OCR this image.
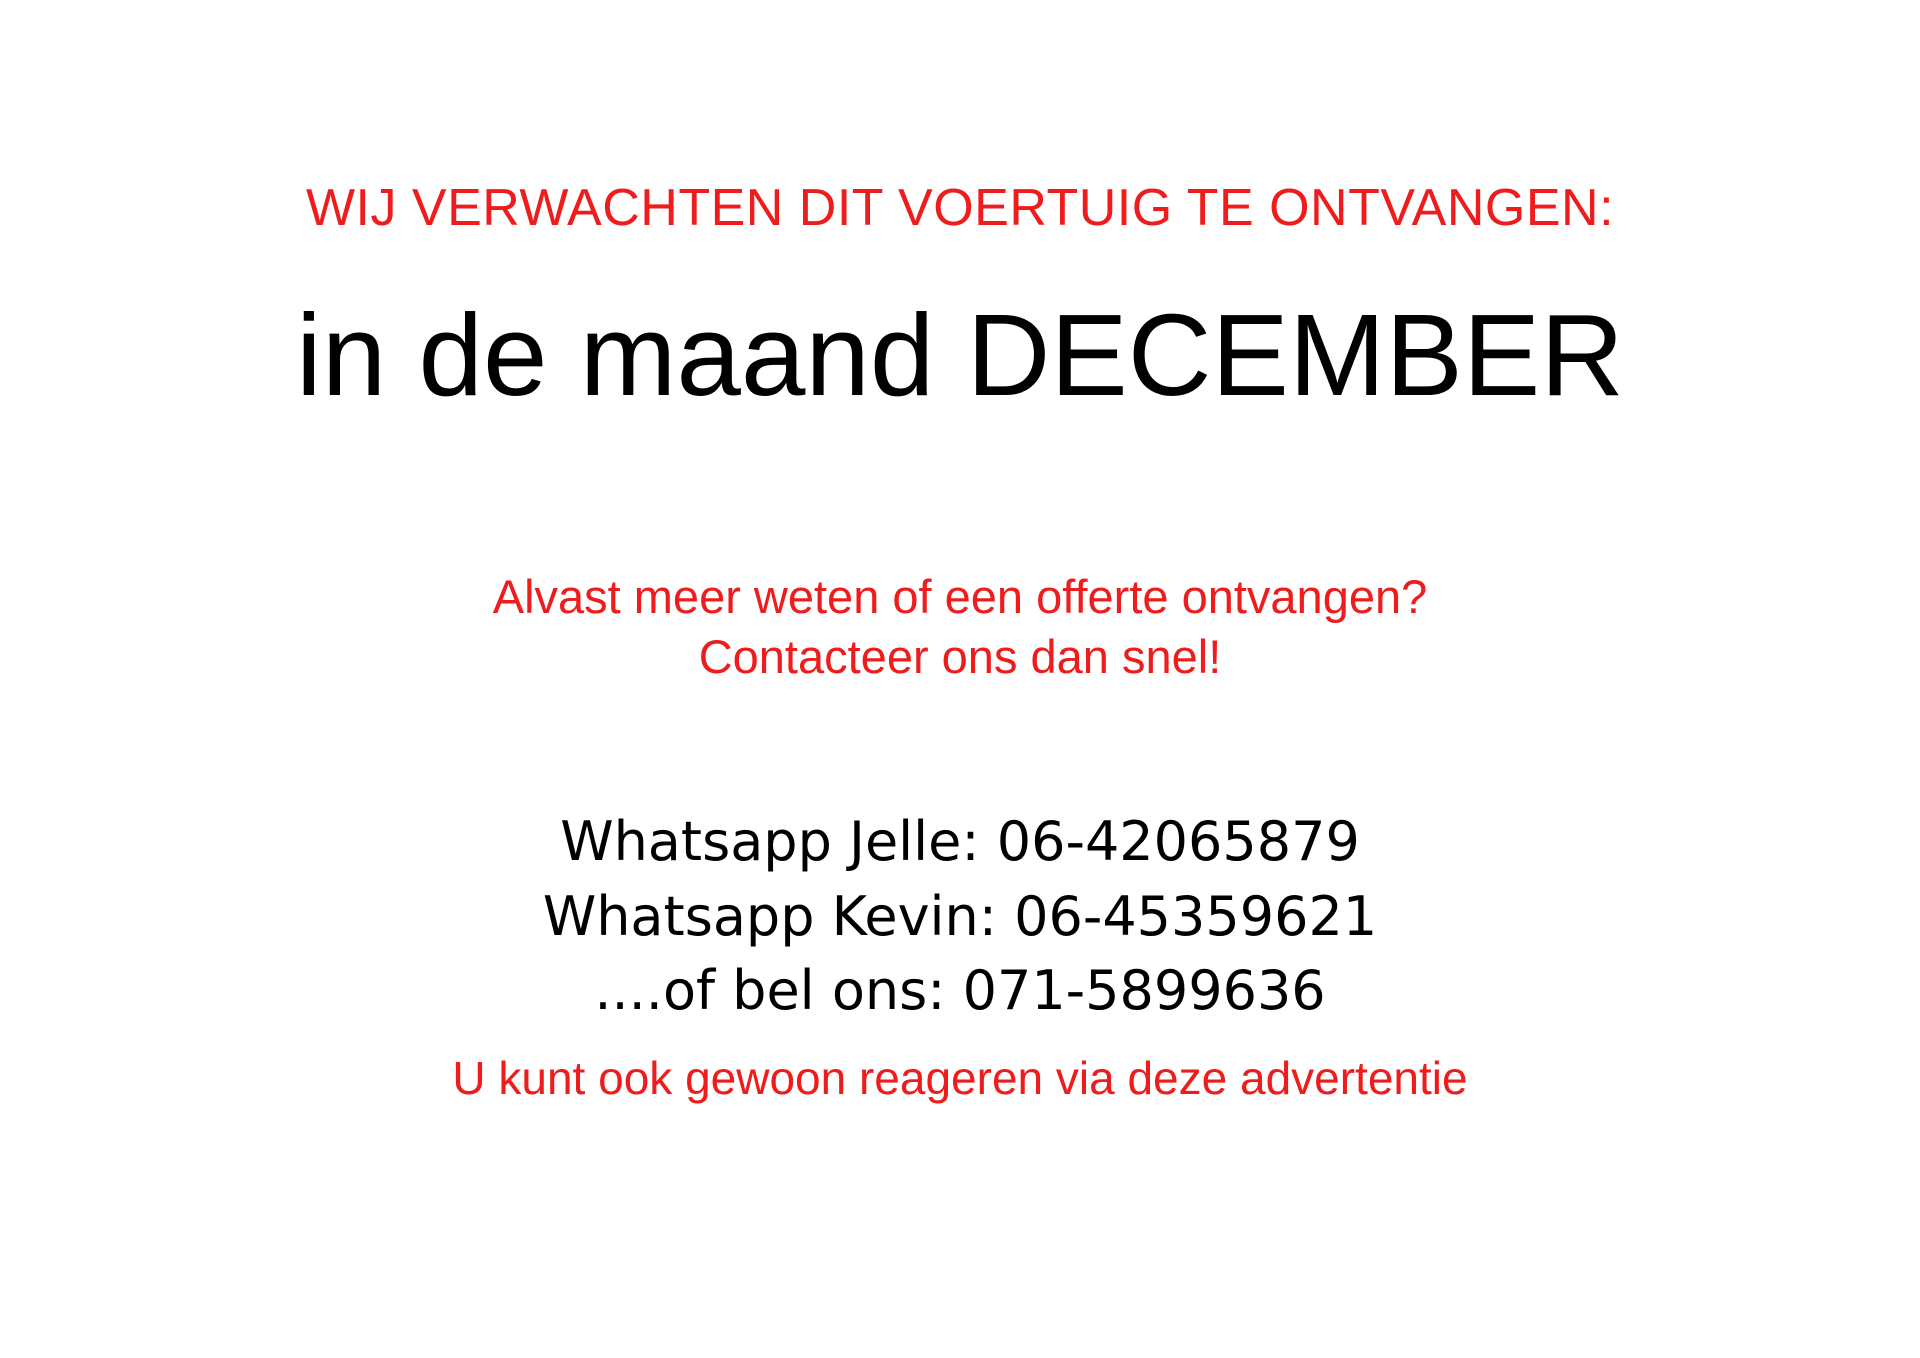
WIJ VERWACHTEN DIT VOERTUIG TE ONTVANGEN:
in de maand DECEMBER
Alvast meer weten of een offerte ontvangen?
Contacteer ons dan snel!
Whatsapp Jelle: 06-42065879
Whatsapp Kevin: 06-45359621
....of bel ons: 071-5899636
U kunt ook gewoon reageren via deze advertentie
